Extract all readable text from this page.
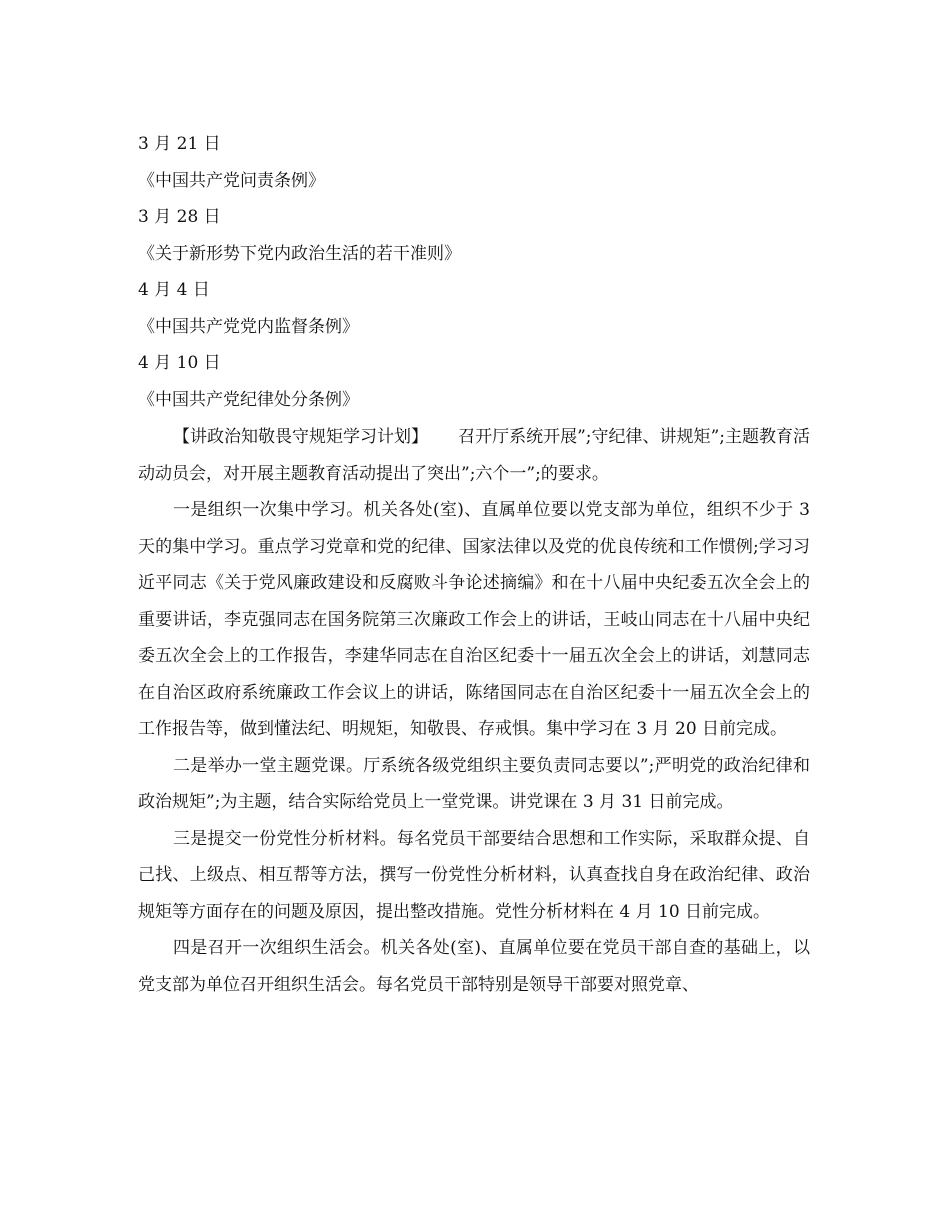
3 月 21 日

《中国共产党问责条例》

3 月 28 日

《关于新形势下党内政治生活的若干准则》

4 月 4 日

《中国共产党党内监督条例》

4 月 10 日

《中国共产党纪律处分条例》

【讲政治知敬畏守规矩学习计划】 召开厅系统开展”;守纪律、讲规矩”;主题教育活动动员会，对开展主题教育活动提出了突出”;六个一”;的要求。

一是组织一次集中学习。机关各处(室)、直属单位要以党支部为单位，组织不少于 3 天的集中学习。重点学习党章和党的纪律、国家法律以及党的优良传统和工作惯例;学习习近平同志《关于党风廉政建设和反腐败斗争论述摘编》和在十八届中央纪委五次全会上的重要讲话，李克强同志在国务院第三次廉政工作会上的讲话，王岐山同志在十八届中央纪委五次全会上的工作报告，李建华同志在自治区纪委十一届五次全会上的讲话，刘慧同志在自治区政府系统廉政工作会议上的讲话，陈绪国同志在自治区纪委十一届五次全会上的工作报告等，做到懂法纪、明规矩，知敬畏、存戒惧。集中学习在 3 月 20 日前完成。

二是举办一堂主题党课。厅系统各级党组织主要负责同志要以”;严明党的政治纪律和政治规矩”;为主题，结合实际给党员上一堂党课。讲党课在 3 月 31 日前完成。

三是提交一份党性分析材料。每名党员干部要结合思想和工作实际，采取群众提、自己找、上级点、相互帮等方法，撰写一份党性分析材料，认真查找自身在政治纪律、政治规矩等方面存在的问题及原因，提出整改措施。党性分析材料在 4 月 10 日前完成。

四是召开一次组织生活会。机关各处(室)、直属单位要在党员干部自查的基础上，以党支部为单位召开组织生活会。每名党员干部特别是领导干部要对照党章、
